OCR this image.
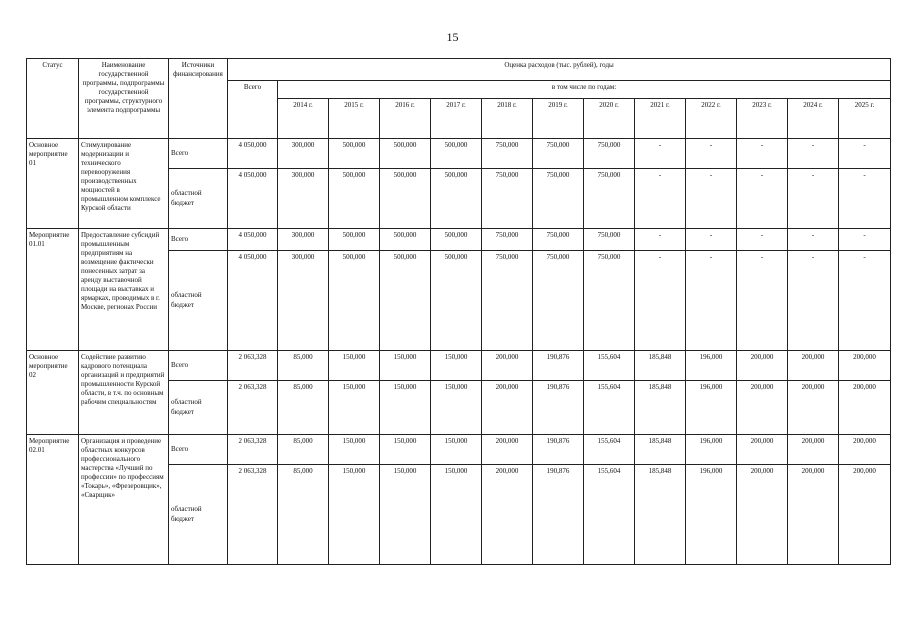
15
Статус	Наименование государственной программы, подпрограммы государственной программы, структурного элемента подпрограммы	Источники финансирования	Оценка расходов (тыс. рублей), годы												
			Всего	в том числе по годам:											
				2014 г.	2015 г.	2016 г.	2017 г.	2018 г.	2019 г.	2020 г.	2021 г.	2022 г.	2023 г.	2024 г.	2025 г.
Основное мероприятие 01	Стимулирование модернизации и технического перевооружения производственных мощностей в промышленном комплексе Курской области	Всего	4 050,000	300,000	500,000	500,000	500,000	750,000	750,000	750,000	-	-	-	-	-
		областной бюджет	4 050,000	300,000	500,000	500,000	500,000	750,000	750,000	750,000	-	-	-	-	-
Мероприятие 01.01	Предоставление субсидий промышленным предприятиям на возмещение фактически понесенных затрат за аренду выставочной площади на выставках и ярмарках, проводимых в г. Москве, регионах России	Всего	4 050,000	300,000	500,000	500,000	500,000	750,000	750,000	750,000	-	-	-	-	-
		областной бюджет	4 050,000	300,000	500,000	500,000	500,000	750,000	750,000	750,000	-	-	-	-	-
Основное мероприятие 02	Содействие развитию кадрового потенциала организаций и предприятий промышленности Курской области, в т.ч. по основным рабочим специальностям	Всего	2 063,328	85,000	150,000	150,000	150,000	200,000	190,876	155,604	185,848	196,000	200,000	200,000	200,000
		областной бюджет	2 063,328	85,000	150,000	150,000	150,000	200,000	190,876	155,604	185,848	196,000	200,000	200,000	200,000
Мероприятие 02.01	Организация и проведение областных конкурсов профессионального мастерства «Лучший по профессии» по профессиям «Токарь», «Фрезеровщик», «Сварщик»	Всего	2 063,328	85,000	150,000	150,000	150,000	200,000	190,876	155,604	185,848	196,000	200,000	200,000	200,000
		областной бюджет	2 063,328	85,000	150,000	150,000	150,000	200,000	190,876	155,604	185,848	196,000	200,000	200,000	200,000
